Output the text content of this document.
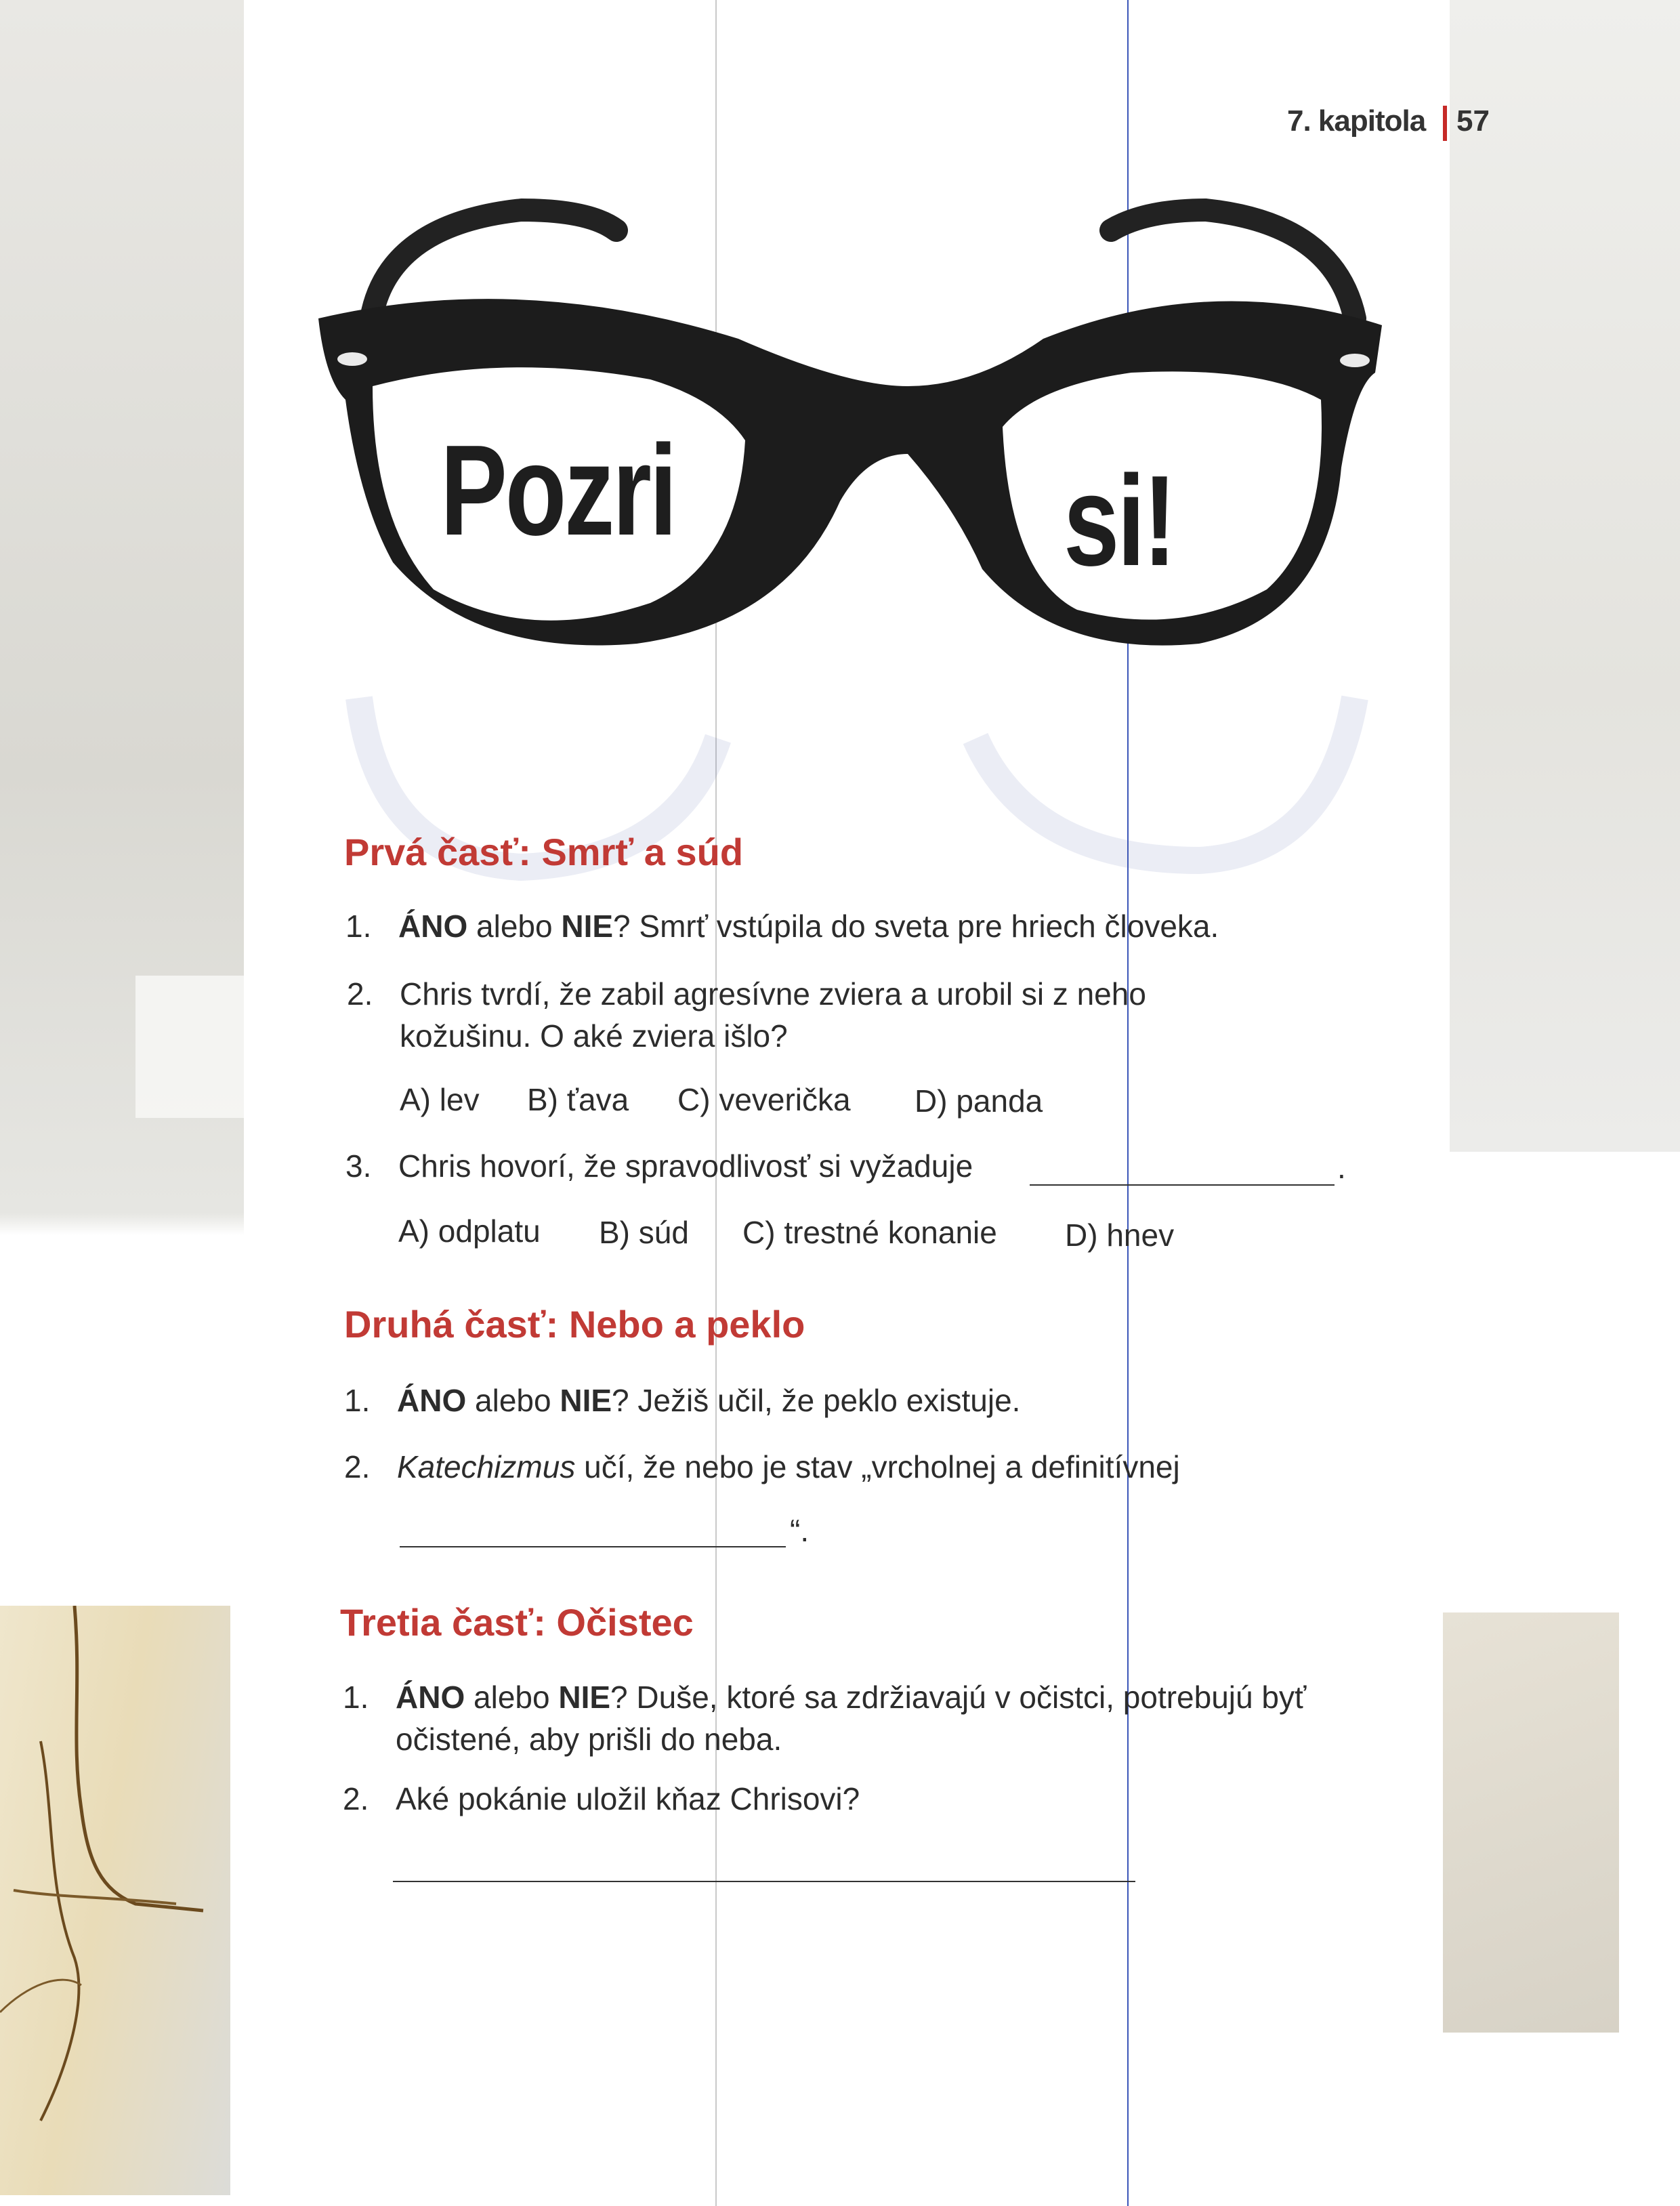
7. kapitola 57
Pozri	si!
Prvá časť: Smrť a súd
1. ÁNO alebo NIE? Smrť vstúpila do sveta pre hriech človeka.
2. Chris tvrdí, že zabil agresívne zviera a urobil si z neho kožušinu. O aké zviera išlo?
A) lev B) ťava C) veverička D) panda
3. Chris hovorí, že spravodlivosť si vyžaduje	.
A) odplatu B) súd C) trestné konanie D) hnev
Druhá časť: Nebo a peklo
1. ÁNO alebo NIE? Ježiš učil, že peklo existuje.
2. Katechizmus učí, že nebo je stav „vrcholnej a definitívnej
“.
Tretia časť: Očistec
1. ÁNO alebo NIE? Duše, ktoré sa zdržiavajú v očistci, potrebujú byť očistené, aby prišli do neba.
2. Aké pokánie uložil kňaz Chrisovi?
